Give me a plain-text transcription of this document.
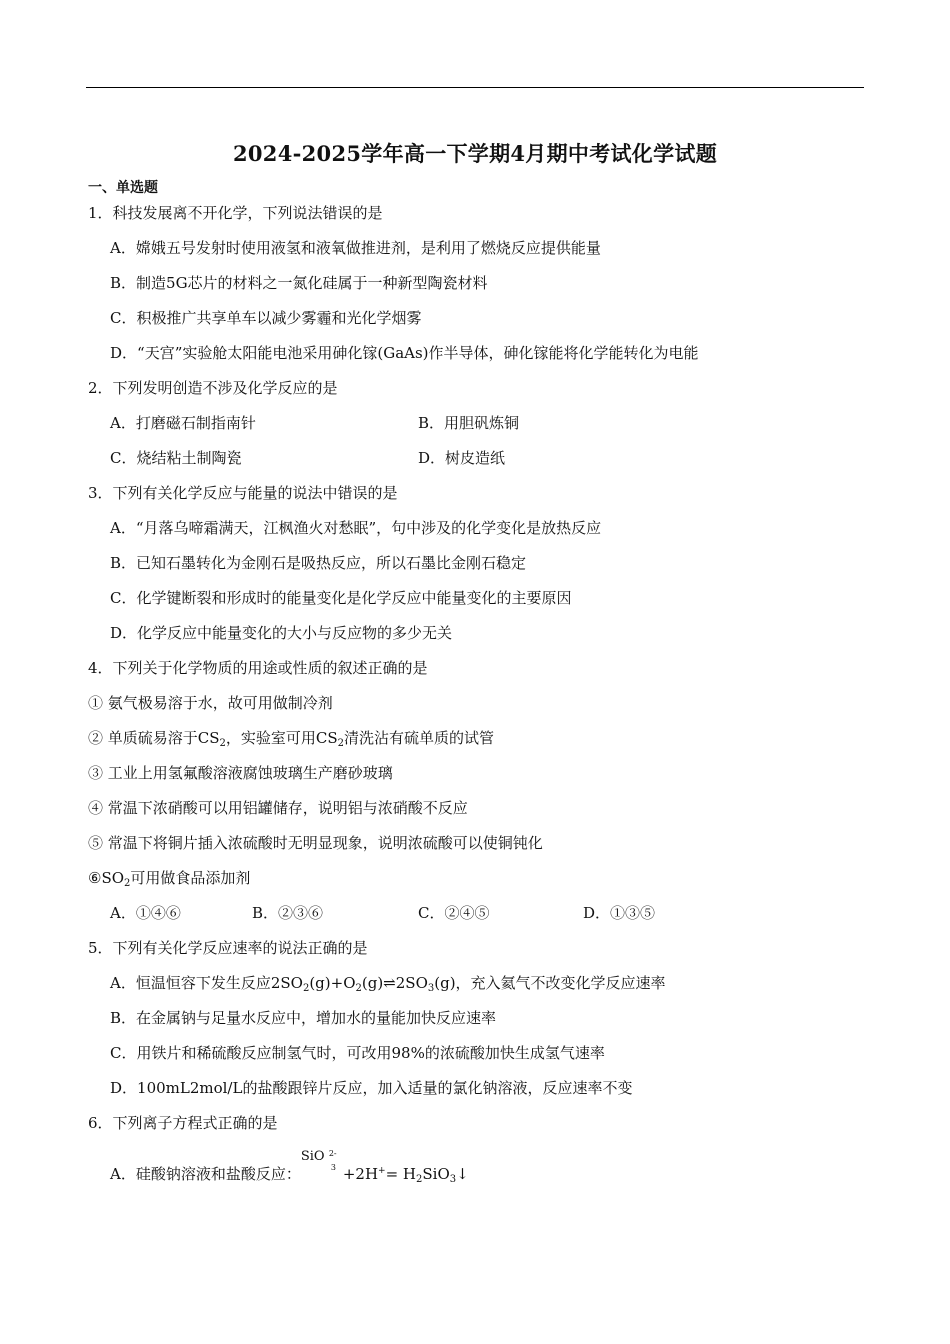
2024-2025学年高一下学期4月期中考试化学试题
一、单选题
1．科技发展离不开化学，下列说法错误的是
A．嫦娥五号发射时使用液氢和液氧做推进剂，是利用了燃烧反应提供能量
B．制造5G芯片的材料之一氮化硅属于一种新型陶瓷材料
C．积极推广共享单车以减少雾霾和光化学烟雾
D．“天宫”实验舱太阳能电池采用砷化镓(GaAs)作半导体，砷化镓能将化学能转化为电能
2．下列发明创造不涉及化学反应的是
A．打磨磁石制指南针	B．用胆矾炼铜
C．烧结粘土制陶瓷	D．树皮造纸
3．下列有关化学反应与能量的说法中错误的是
A．“月落乌啼霜满天，江枫渔火对愁眠”，句中涉及的化学变化是放热反应
B．已知石墨转化为金刚石是吸热反应，所以石墨比金刚石稳定
C．化学键断裂和形成时的能量变化是化学反应中能量变化的主要原因
D．化学反应中能量变化的大小与反应物的多少无关
4．下列关于化学物质的用途或性质的叙述正确的是
① 氨气极易溶于水，故可用做制冷剂
② 单质硫易溶于$CS_2$，实验室可用$CS_2$清洗沾有硫单质的试管
③ 工业上用氢氟酸溶液腐蚀玻璃生产磨砂玻璃
④ 常温下浓硝酸可以用铝罐储存，说明铝与浓硝酸不反应
⑤ 常温下将铜片插入浓硫酸时无明显现象，说明浓硫酸可以使铜钝化
$⑥SO_2$可用做食品添加剂
A．①④⑥	B．②③⑥	C．②④⑤	D．①③⑤
5．下列有关化学反应速率的说法正确的是
A．恒温恒容下发生反应$2SO_2(g)+O_2(g)\rightleftharpoons 2SO_3(g)$，充入氦气不改变化学反应速率
B．在金属钠与足量水反应中，增加水的量能加快反应速率
C．用铁片和稀硫酸反应制氢气时，可改用98%的浓硫酸加快生成氢气速率
D．100mL2mol/L的盐酸跟锌片反应，加入适量的氯化钠溶液，反应速率不变
6．下列离子方程式正确的是
A．硅酸钠溶液和盐酸反应：
SiO 2-
$3 +2H^+= H_2SiO_3↓$
